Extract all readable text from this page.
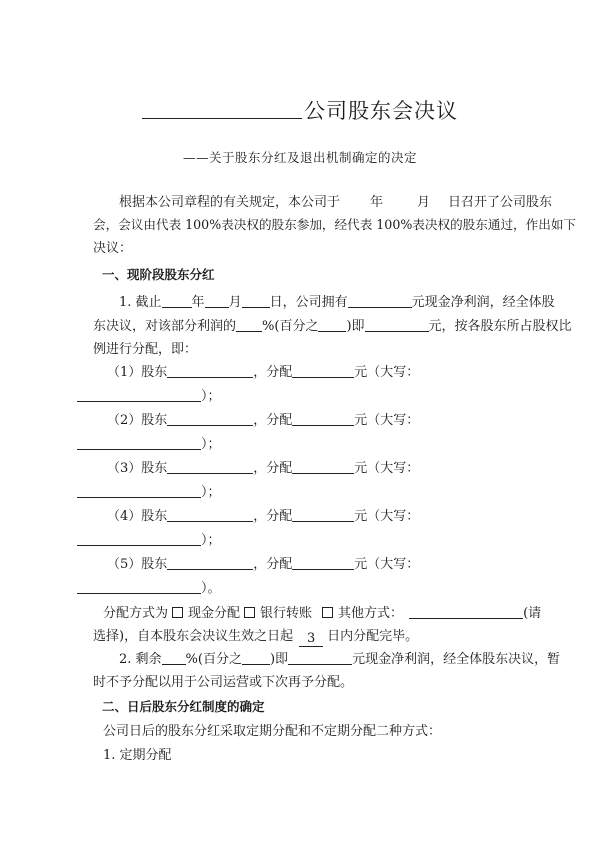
公司股东会决议
——关于股东分红及退出机制确定的决定
根据本公司章程的有关规定，本公司于 年	月 日召开了公司股东
会，会议由代表 100%表决权的股东参加，经代表 100%表决权的股东通过，作出如下
决议：
一、现阶段股东分红
1. 截止 年 月 日，公司拥有	元现金净利润，经全体股
东决议，对该部分利润的 %(百分之 )即	元，按各股东所占股权比
例进行分配，即：
（1）股东	，分配	元（大写：
）；
（2）股东	，分配	元（大写：
）；
（3）股东	，分配	元（大写：
）；
（4）股东	，分配	元（大写：
）；
（5）股东	，分配	元（大写：
）。
分配方式为 现金分配 银行转账 其他方式：	(请
选择)，自本股东会决议生效之日起 3 日内分配完毕。
2. 剩余 %(百分之 )即	元现金净利润，经全体股东决议，暂
时不予分配以用于公司运营或下次再予分配。
二、日后股东分红制度的确定
公司日后的股东分红采取定期分配和不定期分配二种方式：
1. 定期分配
